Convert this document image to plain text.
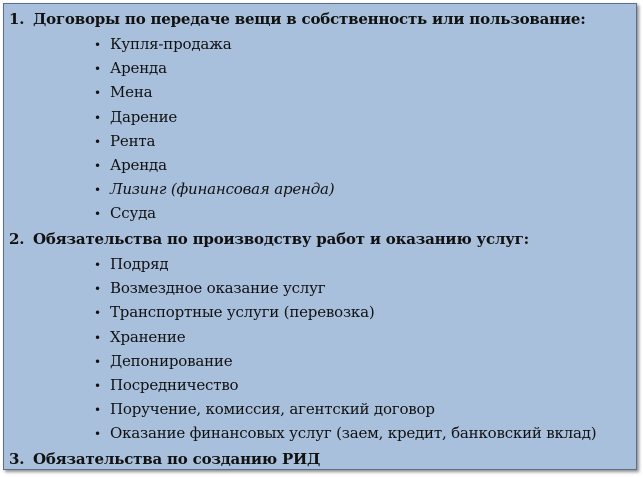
1. Договоры по передаче вещи в собственность или пользование:
• Купля-продажа
• Аренда
• Мена
• Дарение
• Рента
• Аренда
• Лизинг (финансовая аренда)
• Ссуда
2. Обязательства по производству работ и оказанию услуг:
• Подряд
• Возмездное оказание услуг
• Транспортные услуги (перевозка)
• Хранение
• Депонирование
• Посредничество
• Поручение, комиссия, агентский договор
• Оказание финансовых услуг (заем, кредит, банковский вклад)
3. Обязательства по созданию РИД
